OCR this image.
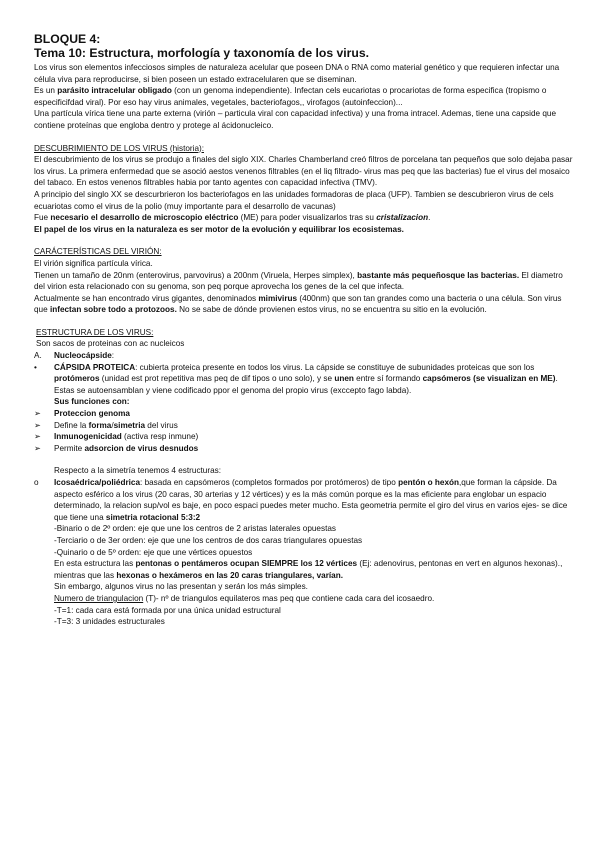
BLOQUE 4:
Tema 10: Estructura, morfología y taxonomía de los virus.

Los virus son elementos infecciosos simples de naturaleza acelular que poseen DNA o RNA como material genético y que requieren infectar una célula viva para reproducirse, si bien poseen un estado extracelularen que se diseminan.

Es un parásito intracelular obligado (con un genoma independiente). Infectan cels eucariotas o procariotas de forma especifica (tropismo o especificifdad viral). Por eso hay virus animales, vegetales, bacteriofagos,, virofagos (autoinfeccion)...

Una partícula vírica tiene una parte externa (virión – particula viral con capacidad infectiva) y una froma intracel. Ademas, tiene una capside que contiene proteínas que engloba dentro y protege al ácidonucleico.

DESCUBRIMIENTO DE LOS VIRUS (historia):

El descubrimiento de los virus se produjo a finales del siglo XIX. Charles Chamberland creó filtros de porcelana tan pequeños que solo dejaba pasar los virus. La primera enfermedad que se asoció aestos venenos filtrables (en el liq filtrado- virus mas peq que las bacterias) fue el virus del mosaico del tabaco. En estos venenos filtrables habia por tanto agentes con capacidad infectiva (TMV).

A principio del singlo XX se descurbrieron los bacteriofagos en las unidades formadoras de placa (UFP). Tambien se descubrieron virus de cels ecuariotas como el virus de la polio (muy importante para el desarrollo de vacunas)

Fue necesario el desarrollo de microscopio eléctrico (ME) para poder visualizarlos tras su cristalizacion.

El papel de los virus en la naturaleza es ser motor de la evolución y equilibrar los ecosistemas.

CARÁCTERÍSTICAS DEL VIRIÓN:

El virión significa partícula vírica.

Tienen un tamaño de 20nm (enterovirus, parvovirus) a 200nm (Viruela, Herpes simplex), bastante más pequeñosque las bacterias. El diametro del virion esta relacionado con su genoma, son peq porque aprovecha los genes de la cel que infecta.

Actualmente se han encontrado virus gigantes, denominados mimivirus (400nm) que son tan grandes como una bacteria o una célula. Son virus que infectan sobre todo a protozoos. No se sabe de dónde provienen estos virus, no se encuentra su sitio en la evolución.

ESTRUCTURA DE LOS VIRUS:

Son sacos de proteinas con ac nucleicos

A.	Nucleocápside:
•	CÁPSIDA PROTEICA: cubierta proteica presente en todos los virus. La cápside se constituye de subunidades proteicas que son los protómeros (unidad est prot repetitiva mas peq de dif tipos o uno solo), y se unen entre sí formando capsómeros (se visualizan en ME). Estas se autoensamblan y viene codificado ppor el genoma del propio virus (exccepto fago labda).

Sus funciones con:

➢	Proteccion genoma
➢	Define la forma/simetria del virus
➢	Inmunogenicidad (activa resp inmune)
➢	Permite adsorcion de virus desnudos

Respecto a la simetría tenemos 4 estructuras:

o	Icosaédrica/poliédrica: basada en capsómeros (completos formados por protómeros) de tipo pentón o hexón,que forman la cápside. Da aspecto esférico a los virus (20 caras, 30 arterias y 12 vértices) y es la más común porque es la mas eficiente para englobar un espacio determinado, la relacion sup/vol es baje, en poco espaci puedes meter mucho. Esta geometria permite el giro del virus en varios ejes- se dice que tiene una simetria rotacional 5:3:2

-Binario o de 2º orden: eje que une los centros de 2 aristas laterales opuestas

-Terciario o de 3er orden: eje que une los centros de dos caras triangulares opuestas

-Quinario o de 5º orden: eje que une vértices opuestos

En esta estructura las pentonas o pentámeros ocupan SIEMPRE los 12 vértices (Ej: adenovirus, pentonas en vert en algunos hexonas)., mientras que las hexonas o hexámeros en las 20 caras triangulares, varían.

Sin embargo, algunos virus no las presentan y serán los más simples.

Numero de triangulacion (T)- nº de triangulos equilateros mas peq que contiene cada cara del icosaedro.

-T=1: cada cara está formada por una única unidad estructural

-T=3: 3 unidades estructurales
